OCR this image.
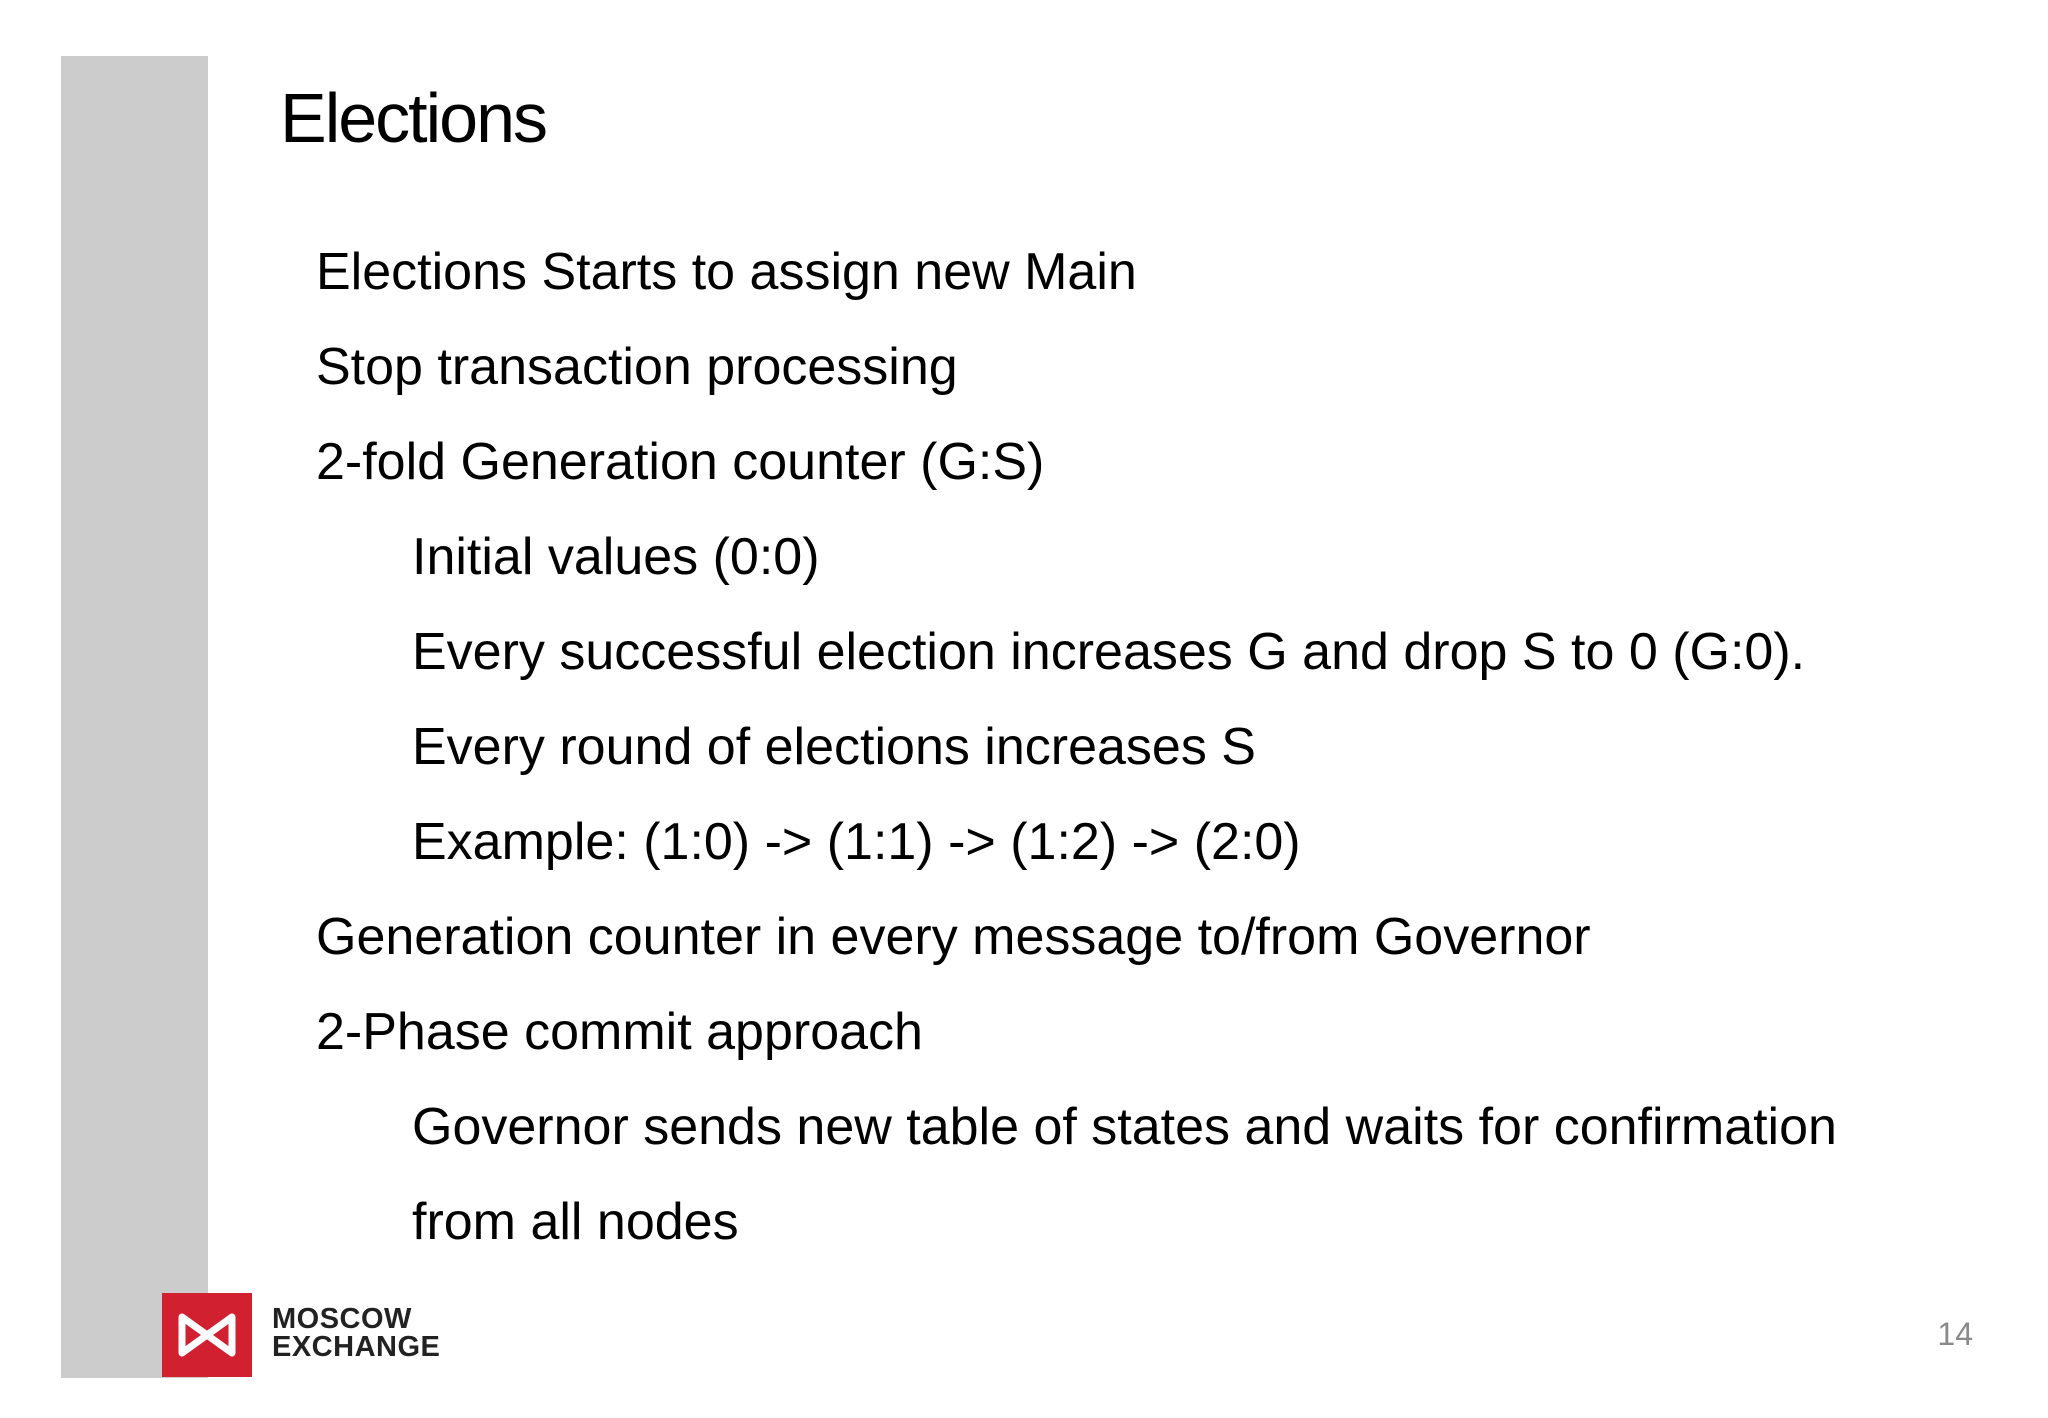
Elections
Elections Starts to assign new Main
Stop transaction processing
2-fold Generation counter (G:S)
Initial values (0:0)
Every successful election increases G and drop S to 0 (G:0).
Every round of elections increases S
Example: (1:0) -> (1:1) -> (1:2) -> (2:0)
Generation counter in every message to/from Governor
2-Phase commit approach
Governor sends new table of states and waits for confirmation
from all nodes
MOSCOW
EXCHANGE	14
